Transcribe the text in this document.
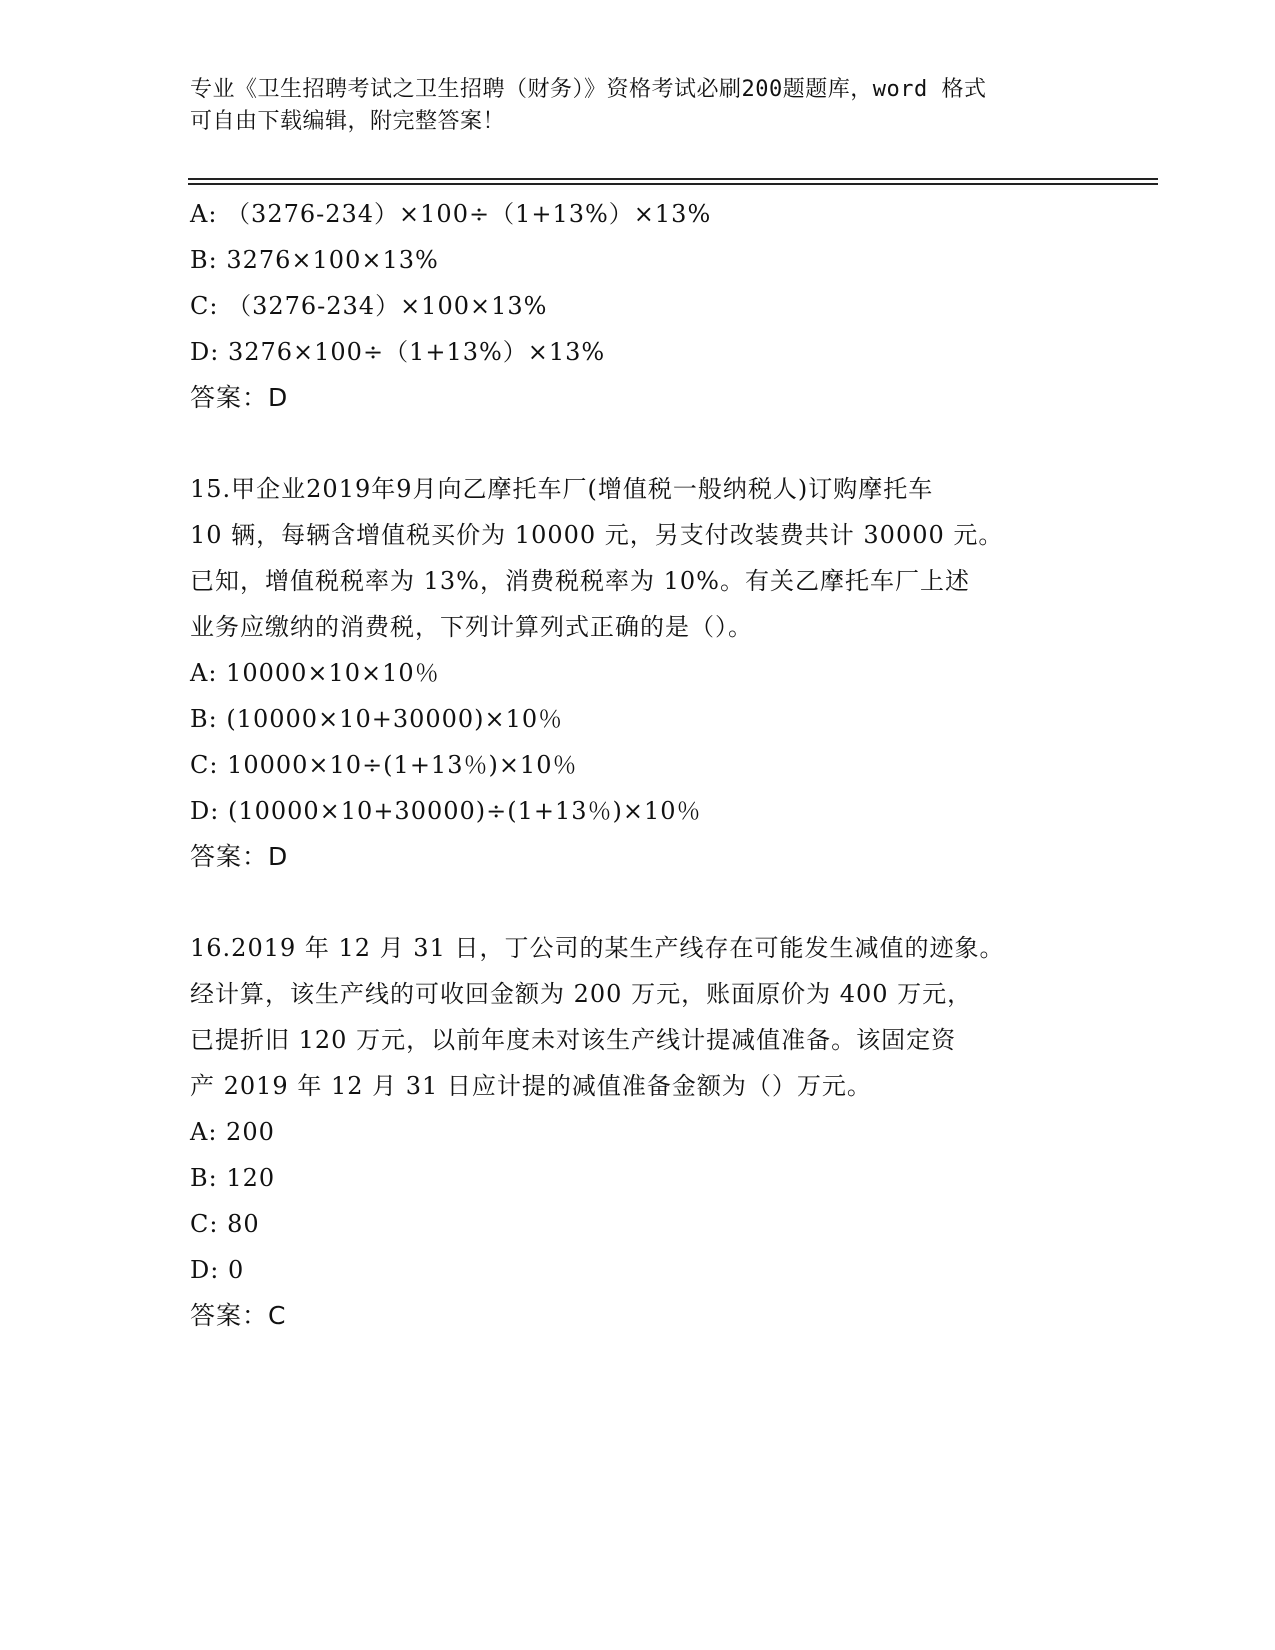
专业《卫生招聘考试之卫生招聘（财务）》资格考试必刷200题题库，word 格式
可自由下载编辑，附完整答案！
A: （3276-234）×100÷（1+13%）×13%
B: 3276×100×13%
C: （3276-234）×100×13%
D: 3276×100÷（1+13%）×13%
答案：D
15.甲企业2019年9月向乙摩托车厂(增值税一般纳税人)订购摩托车
10 辆，每辆含增值税买价为 10000 元，另支付改装费共计 30000 元。
已知，增值税税率为 13%，消费税税率为 10%。有关乙摩托车厂上述
业务应缴纳的消费税，下列计算列式正确的是（）。
A: 10000×10×10％
B: (10000×10+30000)×10％
C: 10000×10÷(1+13％)×10％
D: (10000×10+30000)÷(1+13％)×10％
答案：D
16.2019 年 12 月 31 日，丁公司的某生产线存在可能发生减值的迹象。
经计算，该生产线的可收回金额为 200 万元，账面原价为 400 万元，
已提折旧 120 万元，以前年度未对该生产线计提减值准备。该固定资
产 2019 年 12 月 31 日应计提的减值准备金额为（）万元。
A: 200
B: 120
C: 80
D: 0
答案：C
